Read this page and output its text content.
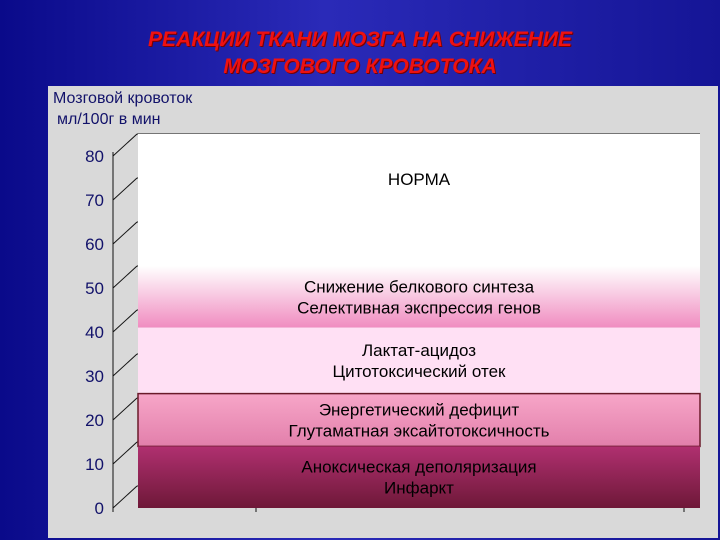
РЕАКЦИИ ТКАНИ МОЗГА НА СНИЖЕНИЕ
МОЗГОВОГО КРОВОТОКА
Мозговой кровоток
мл/100г в мин
80
70
60
50
40
30
20
10
0
НОРМА
Снижение белкового синтеза
Селективная экспрессия генов
Лактат-ацидоз
Цитотоксический отек
Энергетический дефицит
Глутаматная эксайтотоксичность
Аноксическая деполяризация
Инфаркт
